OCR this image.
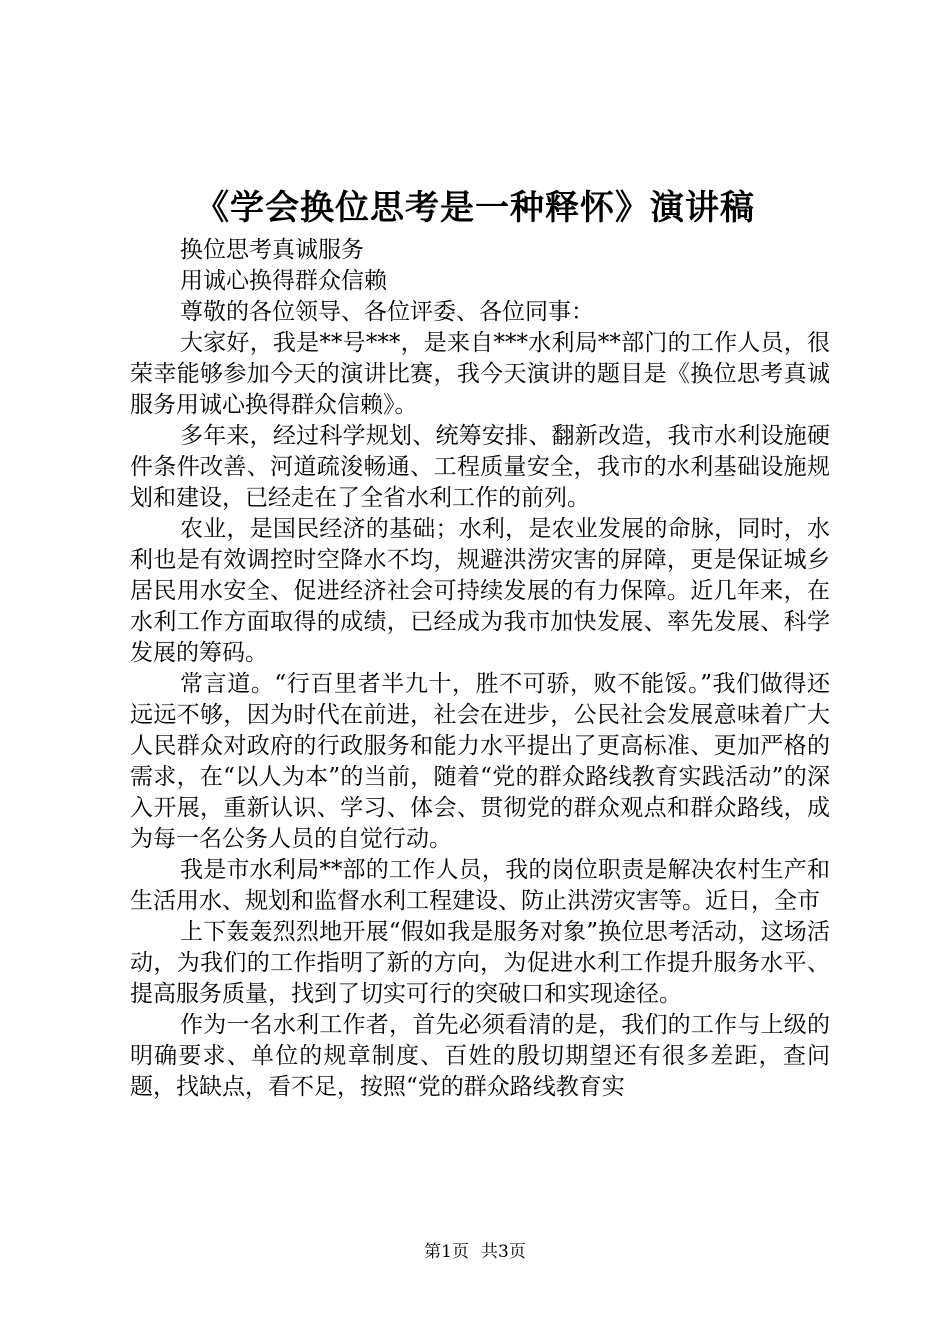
《学会换位思考是一种释怀》演讲稿

换位思考真诚服务

用诚心换得群众信赖

尊敬的各位领导、各位评委、各位同事：

大家好，我是**号***，是来自***水利局**部门的工作人员，很荣幸能够参加今天的演讲比赛，我今天演讲的题目是《换位思考真诚服务用诚心换得群众信赖》。

多年来，经过科学规划、统筹安排、翻新改造，我市水利设施硬件条件改善、河道疏浚畅通、工程质量安全，我市的水利基础设施规划和建设，已经走在了全省水利工作的前列。

农业，是国民经济的基础；水利，是农业发展的命脉，同时，水利也是有效调控时空降水不均，规避洪涝灾害的屏障，更是保证城乡居民用水安全、促进经济社会可持续发展的有力保障。近几年来，在水利工作方面取得的成绩，已经成为我市加快发展、率先发展、科学发展的筹码。

常言道。“行百里者半九十，胜不可骄，败不能馁。”我们做得还远远不够，因为时代在前进，社会在进步，公民社会发展意味着广大人民群众对政府的行政服务和能力水平提出了更高标准、更加严格的需求，在“以人为本”的当前，随着“党的群众路线教育实践活动”的深入开展，重新认识、学习、体会、贯彻党的群众观点和群众路线，成为每一名公务人员的自觉行动。

我是市水利局**部的工作人员，我的岗位职责是解决农村生产和生活用水、规划和监督水利工程建设、防止洪涝灾害等。近日，全市

上下轰轰烈烈地开展“假如我是服务对象”换位思考活动，这场活动，为我们的工作指明了新的方向，为促进水利工作提升服务水平、提高服务质量，找到了切实可行的突破口和实现途径。

作为一名水利工作者，首先必须看清的是，我们的工作与上级的明确要求、单位的规章制度、百姓的殷切期望还有很多差距，查问题，找缺点，看不足，按照“党的群众路线教育实

第1页 共3页
